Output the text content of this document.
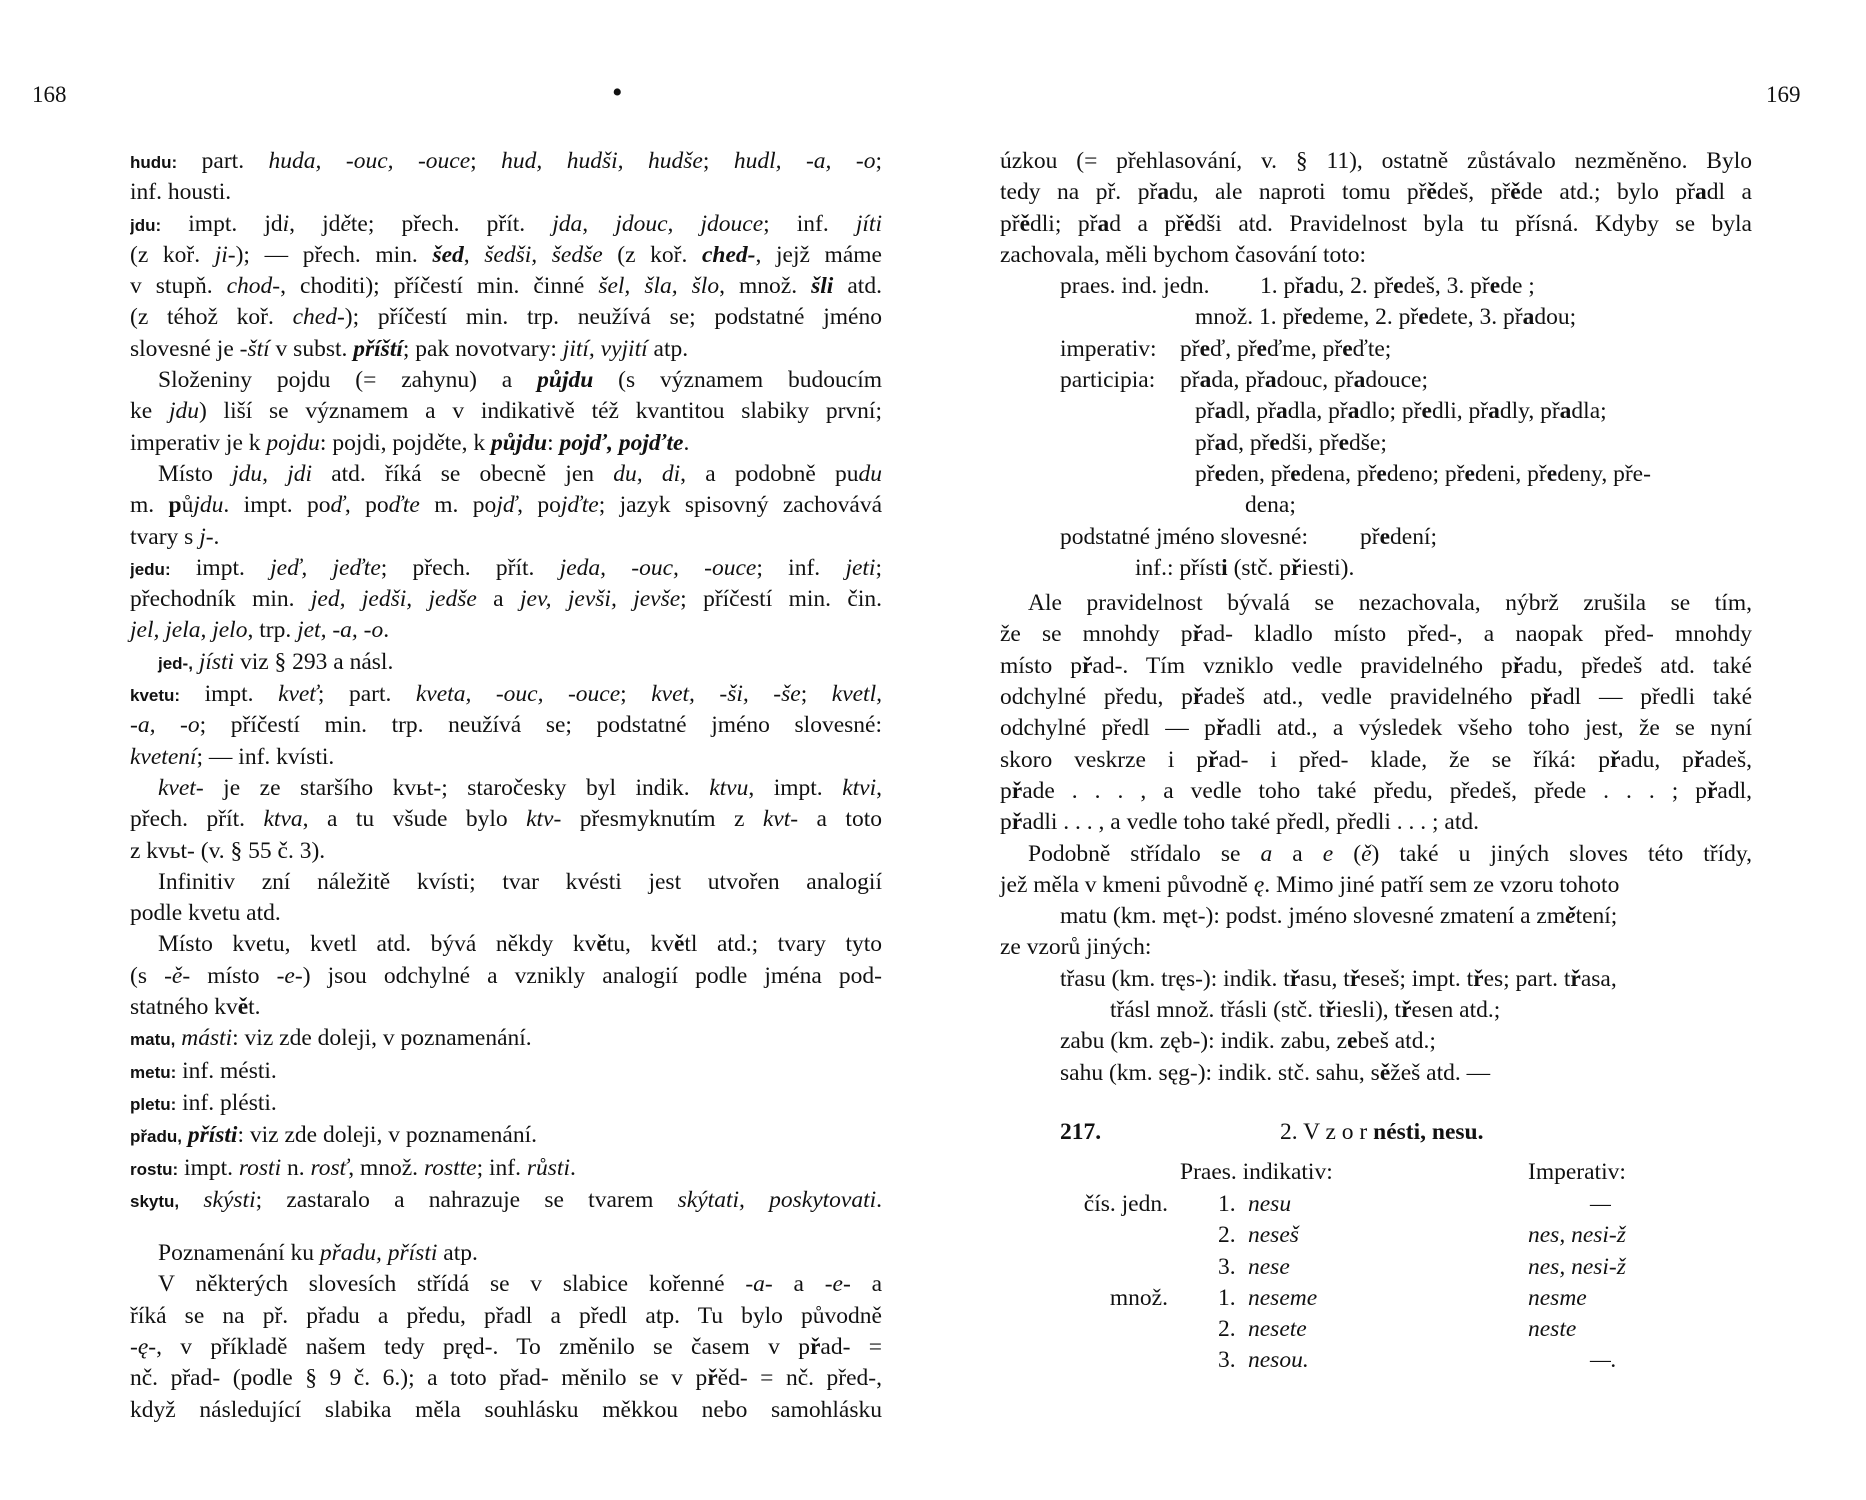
168	•	169
hudu: part. huda, -ouc, -ouce; hud, hudši, hudše; hudl, -a, -o;
inf. housti.
jdu: impt. jdi, jděte; přech. přít. jda, jdouc, jdouce; inf. jíti
(z koř. ji-); — přech. min. šed, šedši, šedše (z koř. ched-, jejž máme
v stupň. chod-, choditi); příčestí min. činné šel, šla, šlo, množ. šli atd.
(z téhož koř. ched-); příčestí min. trp. neužívá se; podstatné jméno
slovesné je -ští v subst. příští; pak novotvary: jití, vyjití atp.
Složeniny pojdu (= zahynu) a půjdu (s významem budoucím
ke jdu) liší se významem a v indikativě též kvantitou slabiky první;
imperativ je k pojdu: pojdi, pojděte, k půjdu: pojď, pojďte.
Místo jdu, jdi atd. říká se obecně jen du, di, a podobně pudu
m. půjdu. impt. poď, poďte m. pojď, pojďte; jazyk spisovný zachovává
tvary s j-.
jedu: impt. jeď, jeďte; přech. přít. jeda, -ouc, -ouce; inf. jeti;
přechodník min. jed, jedši, jedše a jev, jevši, jevše; příčestí min. čin.
jel, jela, jelo, trp. jet, -a, -o.
jed-, jísti viz § 293 a násl.
kvetu: impt. kveť; part. kveta, -ouc, -ouce; kvet, -ši, -še; kvetl,
-a, -o; příčestí min. trp. neužívá se; podstatné jméno slovesné:
kvetení; — inf. kvísti.
kvet- je ze staršího kvьt-; staročesky byl indik. ktvu, impt. ktvi,
přech. přít. ktva, a tu všude bylo ktv- přesmyknutím z kvt- a toto
z kvьt- (v. § 55 č. 3).
Infinitiv zní náležitě kvísti; tvar kvésti jest utvořen analogií
podle kvetu atd.
Místo kvetu, kvetl atd. bývá někdy květu, květl atd.; tvary tyto
(s -ě- místo -e-) jsou odchylné a vznikly analogií podle jména pod-
statného květ.
matu, másti: viz zde doleji, v poznamenání.
metu: inf. mésti.
pletu: inf. plésti.
přadu, přísti: viz zde doleji, v poznamenání.
rostu: impt. rosti n. rosť, množ. rostte; inf. růsti.
skytu, skýsti; zastaralo a nahrazuje se tvarem skýtati, poskytovati.
Poznamenání ku přadu, přísti atp.
V některých slovesích střídá se v slabice kořenné -a- a -e- a
říká se na př. přadu a předu, přadl a předl atp. Tu bylo původně
-ę-, v příkladě našem tedy pręd-. To změnilo se časem v přad- =
nč. přad- (podle § 9 č. 6.); a toto přad- měnilo se v přěd- = nč. před-,
když následující slabika měla souhlásku měkkou nebo samohlásku
úzkou (= přehlasování, v. § 11), ostatně zůstávalo nezměněno. Bylo
tedy na př. přadu, ale naproti tomu přědeš, přěde atd.; bylo přadl a
přědli; přad a přědši atd. Pravidelnost byla tu přísná. Kdyby se byla
zachovala, měli bychom časování toto:
praes. ind. jedn. 1. přadu, 2. předeš, 3. přede ;
množ. 1. předeme, 2. předete, 3. přadou;
imperativ: přeď, přeďme, přeďte;
participia: přada, přadouc, přadouce;
přadl, přadla, přadlo; předli, přadly, přadla;
přad, předši, předše;
předen, předena, předeno; předeni, předeny, pře-
dena;
podstatné jméno slovesné: předení;
inf.: přísti (stč. přiesti).
Ale pravidelnost bývalá se nezachovala, nýbrž zrušila se tím,
že se mnohdy přad- kladlo místo před-, a naopak před- mnohdy
místo přad-. Tím vzniklo vedle pravidelného přadu, předeš atd. také
odchylné předu, přadeš atd., vedle pravidelného přadl — předli také
odchylné předl — přadli atd., a výsledek všeho toho jest, že se nyní
skoro veskrze i přad- i před- klade, že se říká: přadu, přadeš,
přade . . . , a vedle toho také předu, předeš, přede . . . ; přadl,
přadli . . . , a vedle toho také předl, předli . . . ; atd.
Podobně střídalo se a a e (ě) také u jiných sloves této třídy,
jež měla v kmeni původně ę. Mimo jiné patří sem ze vzoru tohoto
matu (km. męt-): podst. jméno slovesné zmatení a změtení;
ze vzorů jiných:
třasu (km. tręs-): indik. třasu, třeseš; impt. třes; part. třasa,
třásl množ. třásli (stč. třiesli), třesen atd.;
zabu (km. zęb-): indik. zabu, zebeš atd.;
sahu (km. sęg-): indik. stč. sahu, sěžeš atd. —
217.	2. V z o r nésti, nesu.
Praes. indikativ:	Imperativ:
čís. jedn. 1. nesu	—
2. neseš	nes, nesi-ž
3. nese	nes, nesi-ž
množ. 1. neseme	nesme
2. nesete	neste
3. nesou.	—.
